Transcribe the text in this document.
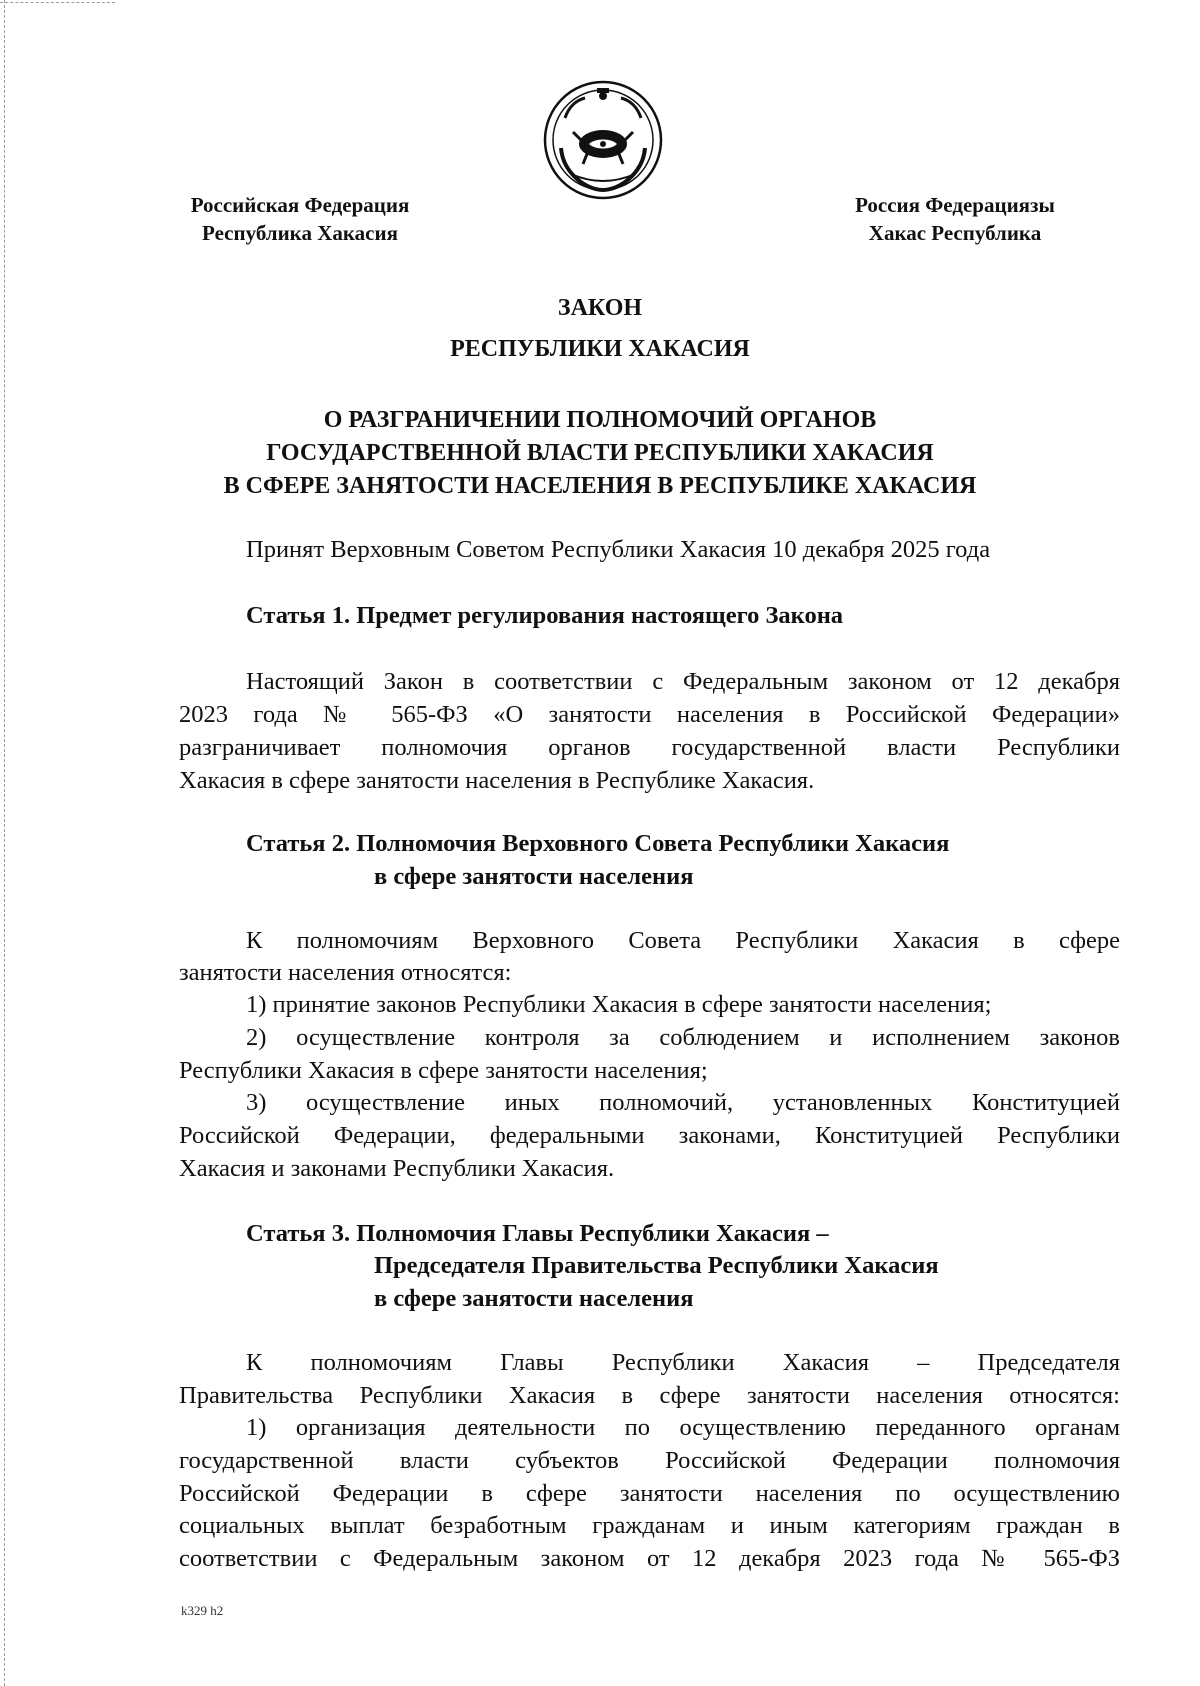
Российская Федерация
Республика Хакасия
Россия Федерациязы
Хакас Республика
ЗАКОН
РЕСПУБЛИКИ ХАКАСИЯ
О РАЗГРАНИЧЕНИИ ПОЛНОМОЧИЙ ОРГАНОВ
ГОСУДАРСТВЕННОЙ ВЛАСТИ РЕСПУБЛИКИ ХАКАСИЯ
В СФЕРЕ ЗАНЯТОСТИ НАСЕЛЕНИЯ В РЕСПУБЛИКЕ ХАКАСИЯ
Принят Верховным Советом Республики Хакасия 10 декабря 2025 года
Статья 1. Предмет регулирования настоящего Закона
Настоящий Закон в соответствии с Федеральным законом от 12 декабря
2023 года № 565-ФЗ «О занятости населения в Российской Федерации»
разграничивает полномочия органов государственной власти Республики
Хакасия в сфере занятости населения в Республике Хакасия.
Статья 2. Полномочия Верховного Совета Республики Хакасия
в сфере занятости населения
К полномочиям Верховного Совета Республики Хакасия в сфере
занятости населения относятся:
1) принятие законов Республики Хакасия в сфере занятости населения;
2) осуществление контроля за соблюдением и исполнением законов
Республики Хакасия в сфере занятости населения;
3) осуществление иных полномочий, установленных Конституцией
Российской Федерации, федеральными законами, Конституцией Республики
Хакасия и законами Республики Хакасия.
Статья 3. Полномочия Главы Республики Хакасия –
Председателя Правительства Республики Хакасия
в сфере занятости населения
К полномочиям Главы Республики Хакасия – Председателя
Правительства Республики Хакасия в сфере занятости населения относятся:
1) организация деятельности по осуществлению переданного органам
государственной власти субъектов Российской Федерации полномочия
Российской Федерации в сфере занятости населения по осуществлению
социальных выплат безработным гражданам и иным категориям граждан в
соответствии с Федеральным законом от 12 декабря 2023 года № 565-ФЗ
k329 h2
